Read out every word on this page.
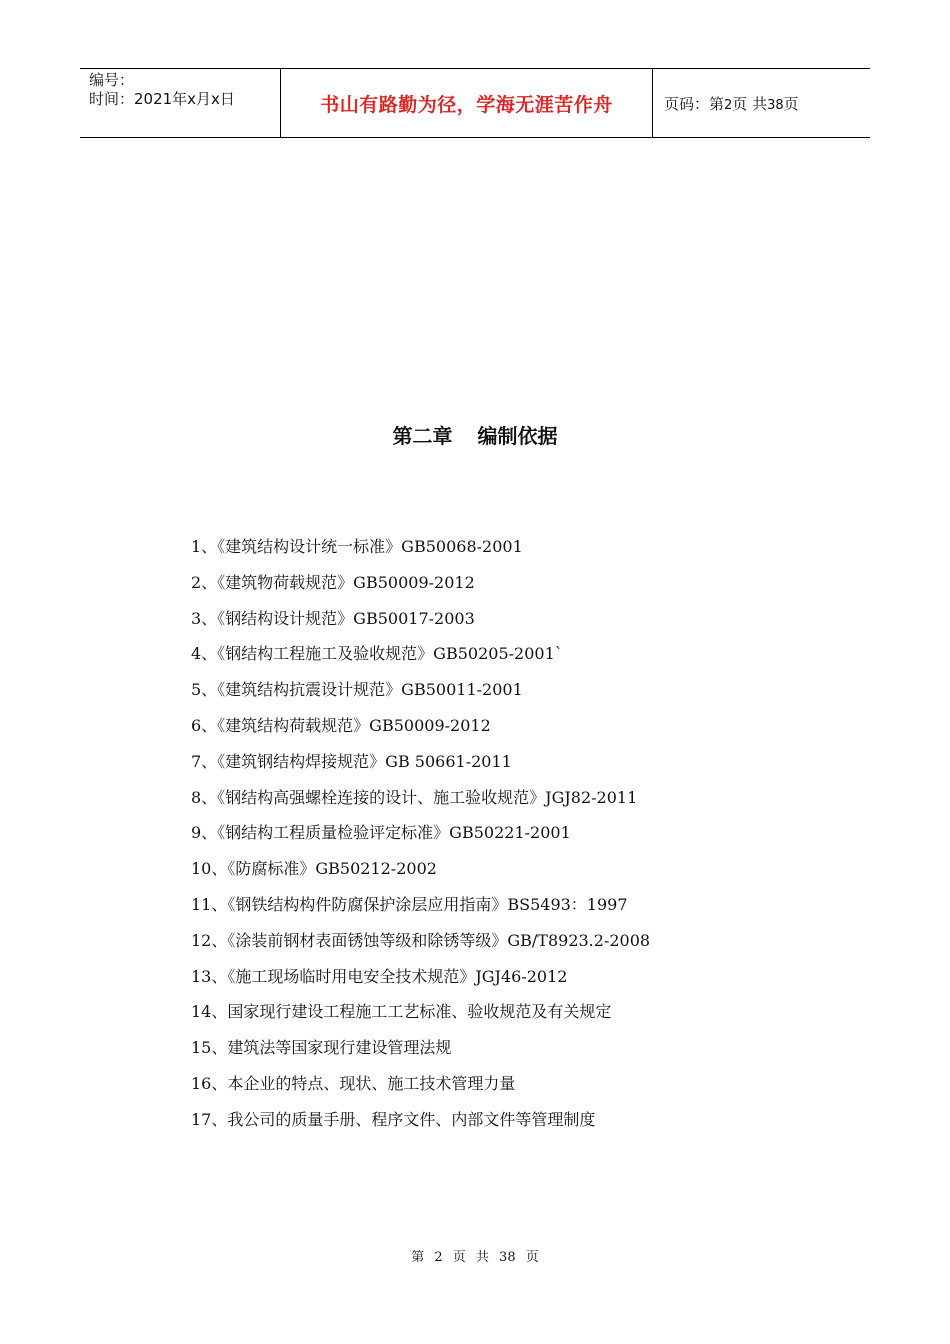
编号：
时间：2021年x月x日	书山有路勤为径，学海无涯苦作舟	页码：第2页 共38页
第二章 编制依据
1、《建筑结构设计统一标准》GB50068-2001
2、《建筑物荷载规范》GB50009-2012
3、《钢结构设计规范》GB50017-2003
4、《钢结构工程施工及验收规范》GB50205-2001`
5、《建筑结构抗震设计规范》GB50011-2001
6、《建筑结构荷载规范》GB50009-2012
7、《建筑钢结构焊接规范》GB 50661-2011
8、《钢结构高强螺栓连接的设计、施工验收规范》JGJ82-2011
9、《钢结构工程质量检验评定标准》GB50221-2001
10、《防腐标准》GB50212-2002
11、《钢铁结构构件防腐保护涂层应用指南》BS5493：1997
12、《涂装前钢材表面锈蚀等级和除锈等级》GB/T8923.2-2008
13、《施工现场临时用电安全技术规范》JGJ46-2012
14、国家现行建设工程施工工艺标准、验收规范及有关规定
15、建筑法等国家现行建设管理法规
16、本企业的特点、现状、施工技术管理力量
17、我公司的质量手册、程序文件、内部文件等管理制度
第 2 页 共 38 页
